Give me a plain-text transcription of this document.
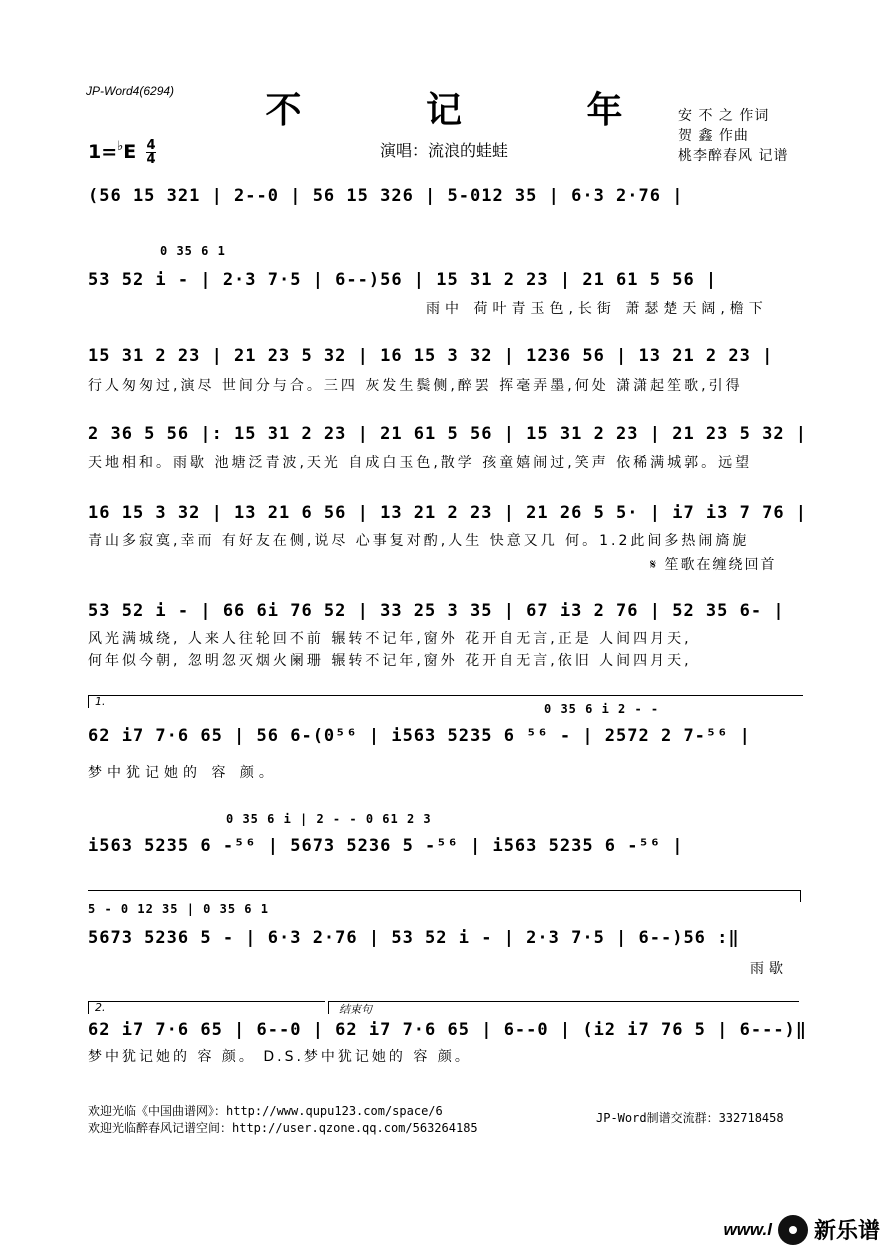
JP-Word4(6294)	不 记 年
1=♭E 4
4	演唱：流浪的蛙蛙
安 不 之 作词
贺 鑫 作曲
桃李醉春风 记谱
(56 15 321 | 2--0 | 56 15 326 | 5-012 35 | 6·3 2·76 |
0 35 6 1
53 52 i - | 2·3 7·5 | 6--)56 | 15 31 2 23 | 21 61 5 56 |
雨中 荷叶青玉色,长街 萧瑟楚天阔,檐下
15 31 2 23 | 21 23 5 32 | 16 15 3 32 | 1236 56 | 13 21 2 23 |
行人匆匆过,演尽 世间分与合。三四 灰发生鬓侧,醉罢 挥毫弄墨,何处 潇潇起笙歌,引得
2 36 5 56 |: 15 31 2 23 | 21 61 5 56 | 15 31 2 23 | 21 23 5 32 |
天地相和。雨歇 池塘泛青波,天光 自成白玉色,散学 孩童嬉闹过,笑声 依稀满城郭。远望
16 15 3 32 | 13 21 6 56 | 13 21 2 23 | 21 26 5 5· | i7 i3 7 76 |
青山多寂寞,幸而 有好友在侧,说尽 心事复对酌,人生 快意又几 何。1.2此间多热闹旖旎
𝄋 笙歌在缠绕回首
53 52 i - | 66 6i 76 52 | 33 25 3 35 | 67 i3 2 76 | 52 35 6- |
风光满城绕, 人来人往轮回不前 辗转不记年,窗外 花开自无言,正是 人间四月天,
何年似今朝, 忽明忽灭烟火阑珊 辗转不记年,窗外 花开自无言,依旧 人间四月天,
1.
0 35 6 i 2 - -
62 i7 7·6 65 | 56 6-(0⁵⁶ | i563 5235 6 ⁵⁶ - | 2572 2 7-⁵⁶ |
梦中犹记她的 容 颜。
0 35 6 i | 2 - - 0 61 2 3
i563 5235 6 -⁵⁶ | 5673 5236 5 -⁵⁶ | i563 5235 6 -⁵⁶ |
5 - 0 12 35 | 0 35 6 1
5673 5236 5 - | 6·3 2·76 | 53 52 i - | 2·3 7·5 | 6--)56 :‖
雨歇
2.	结束句
62 i7 7·6 65 | 6--0 | 62 i7 7·6 65 | 6--0 | (i2 i7 76 5 | 6---)‖
梦中犹记她的 容 颜。 D.S.梦中犹记她的 容 颜。
欢迎光临《中国曲谱网》：http://www.qupu123.com/space/6
欢迎光临醉春风记谱空间：http://user.qzone.qq.com/563264185
JP-Word制谱交流群：332718458
www.l 新乐谱
